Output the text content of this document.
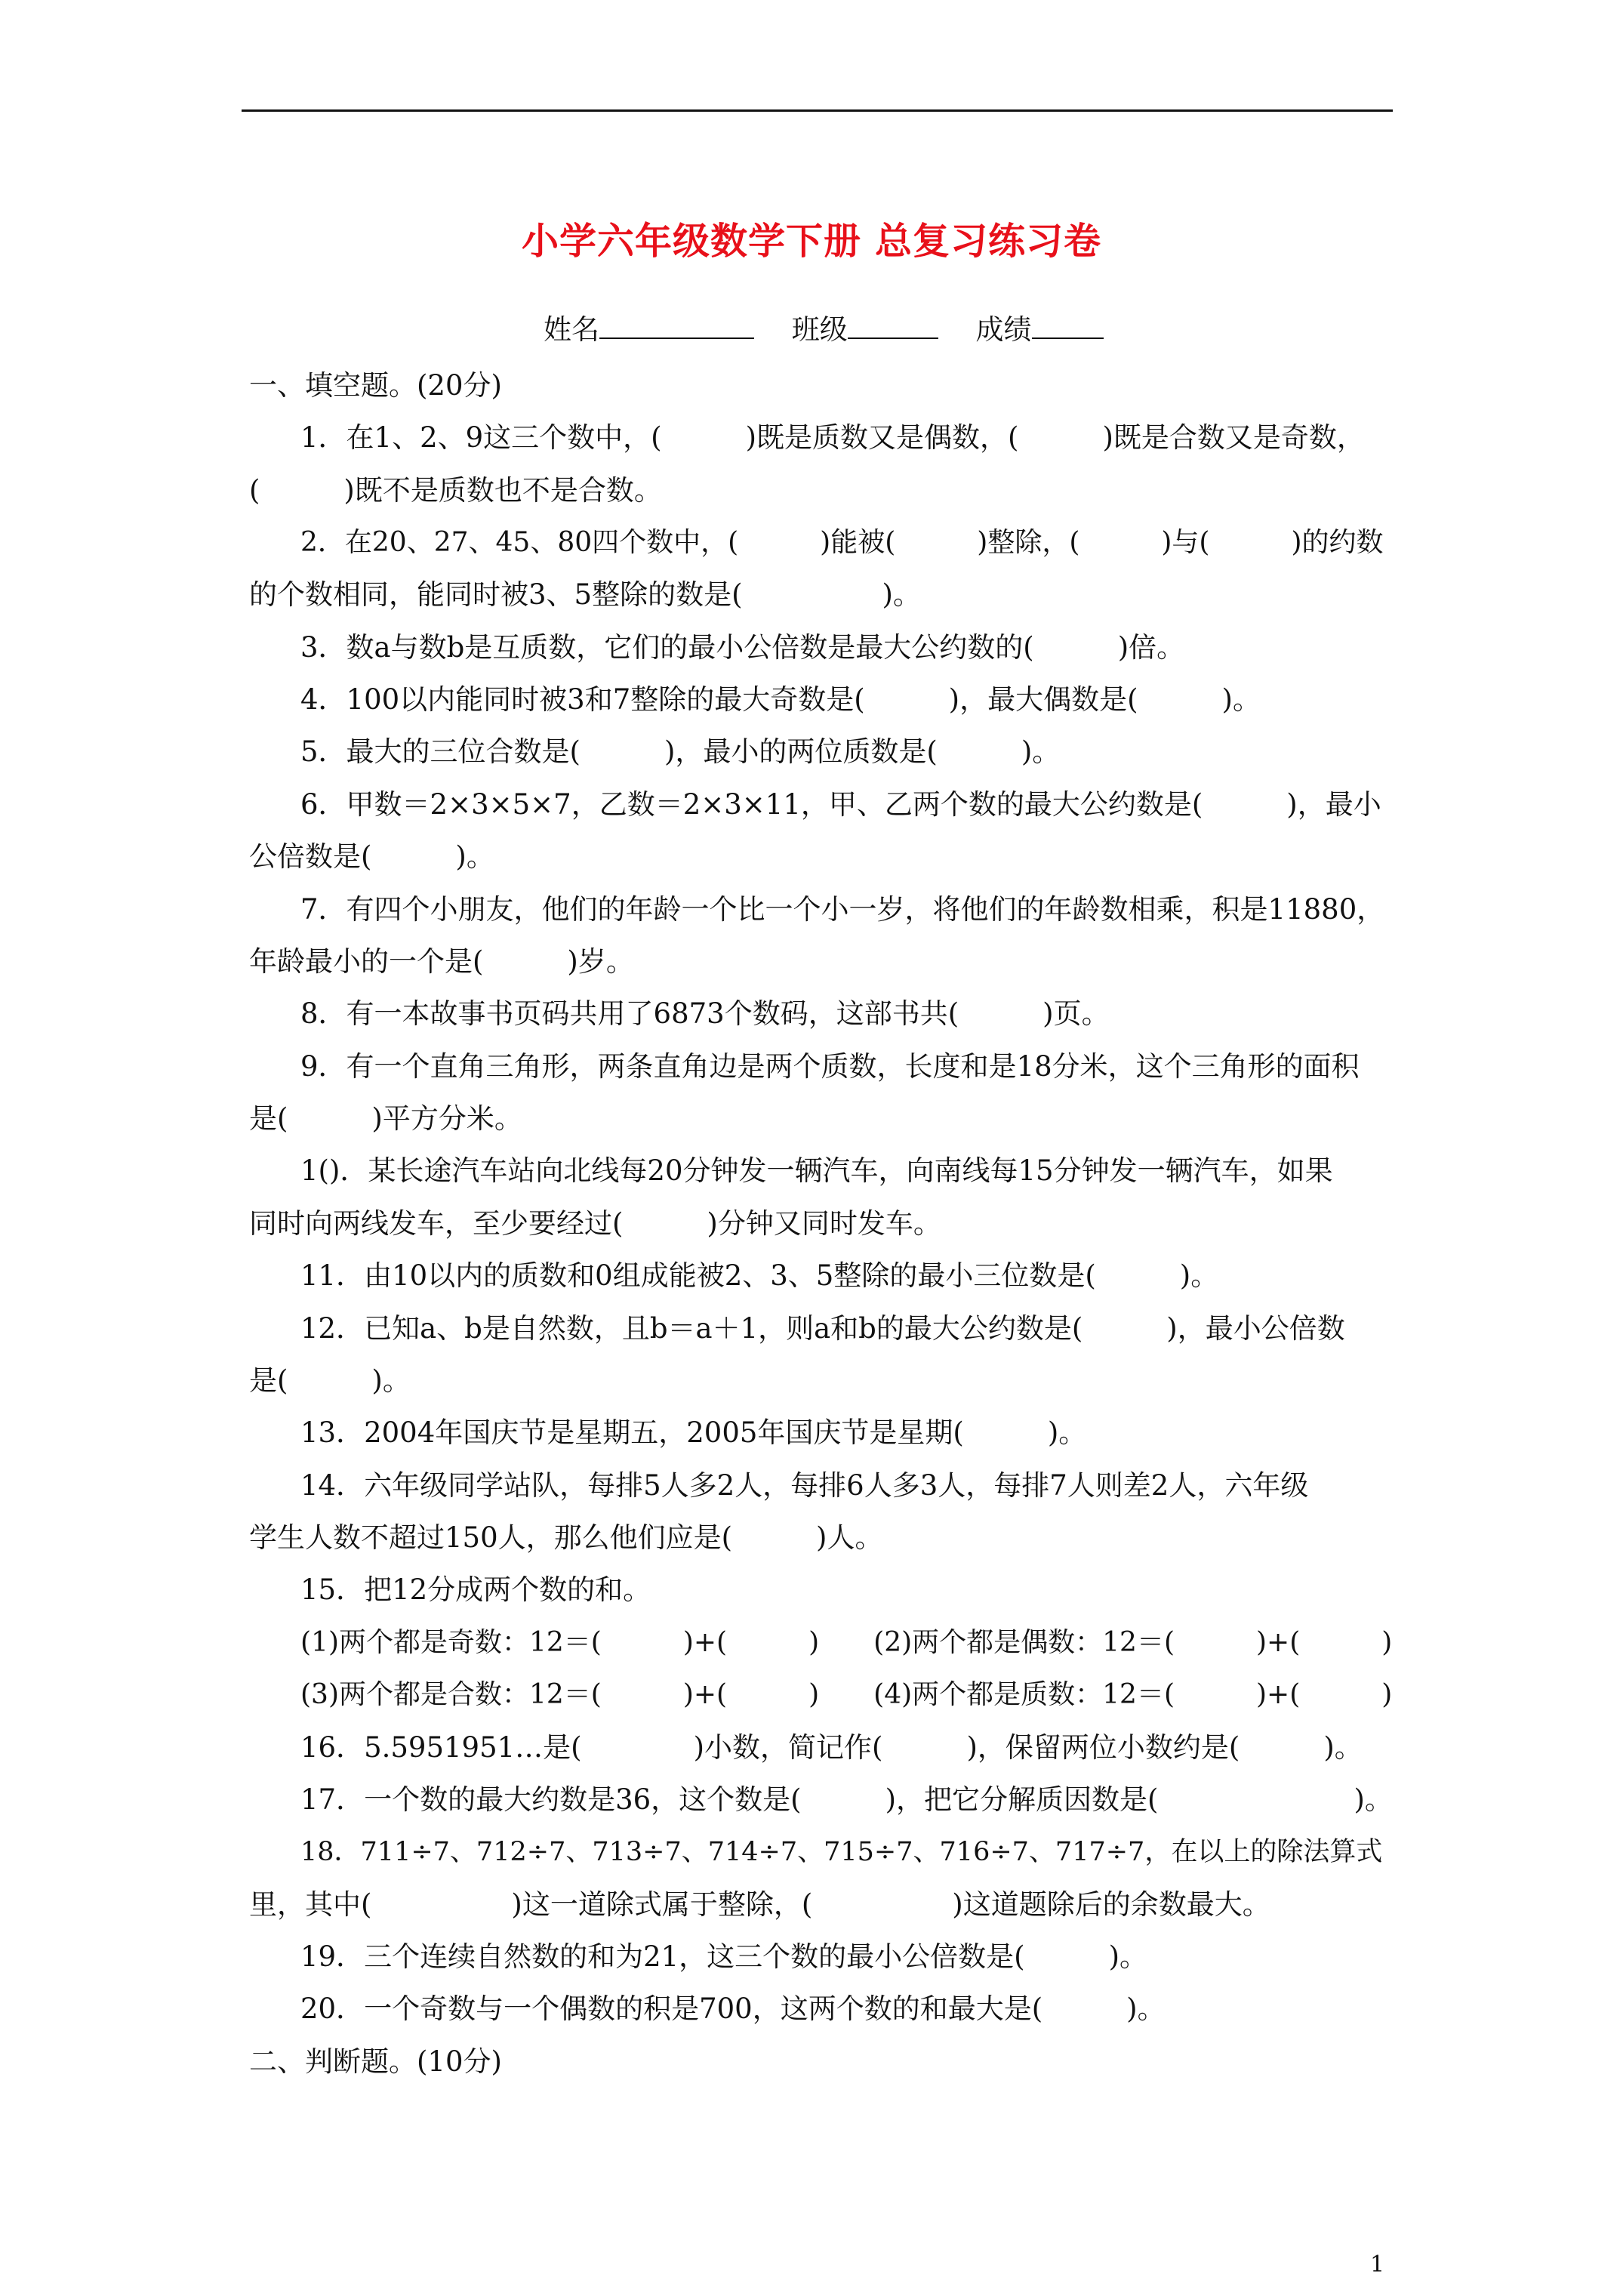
小学六年级数学下册 总复习练习卷
姓名	班级	成绩
一、填空题。(20分)
1．在1、2、9这三个数中，(　　　)既是质数又是偶数，(　　　)既是合数又是奇数，
(　　　)既不是质数也不是合数。
2．在20、27、45、80四个数中，(　　　)能被(　　　)整除，(　　　)与(　　　)的约数
的个数相同，能同时被3、5整除的数是(　　　　　)。
3．数a与数b是互质数，它们的最小公倍数是最大公约数的(　　　)倍。
4．100以内能同时被3和7整除的最大奇数是(　　　)，最大偶数是(　　　)。
5．最大的三位合数是(　　　)，最小的两位质数是(　　　)。
6．甲数＝2×3×5×7，乙数＝2×3×11，甲、乙两个数的最大公约数是(　　　)，最小
公倍数是(　　　)。
7．有四个小朋友，他们的年龄一个比一个小一岁，将他们的年龄数相乘，积是11880，
年龄最小的一个是(　　　)岁。
8．有一本故事书页码共用了6873个数码，这部书共(　　　)页。
9．有一个直角三角形，两条直角边是两个质数，长度和是18分米，这个三角形的面积
是(　　　)平方分米。
1()．某长途汽车站向北线每20分钟发一辆汽车，向南线每15分钟发一辆汽车，如果
同时向两线发车，至少要经过(　　　)分钟又同时发车。
11．由10以内的质数和0组成能被2、3、5整除的最小三位数是(　　　)。
12．已知a、b是自然数，且b＝a＋1，则a和b的最大公约数是(　　　)，最小公倍数
是(　　　)。
13．2004年国庆节是星期五，2005年国庆节是星期(　　　)。
14．六年级同学站队，每排5人多2人，每排6人多3人，每排7人则差2人，六年级
学生人数不超过150人，那么他们应是(　　　)人。
15．把12分成两个数的和。
(1)两个都是奇数：12＝(　　　)+(　　　)　　(2)两个都是偶数：12＝(　　　)+(　　　)
(3)两个都是合数：12＝(　　　)+(　　　)　　(4)两个都是质数：12＝(　　　)+(　　　)
16．5.5951951…是(　　　　)小数，简记作(　　　)，保留两位小数约是(　　　)。
17．一个数的最大约数是36，这个数是(　　　)，把它分解质因数是(　　　　　　　)。
18．711÷7、712÷7、713÷7、714÷7、715÷7、716÷7、717÷7，在以上的除法算式
里，其中(　　　　　)这一道除式属于整除，(　　　　　)这道题除后的余数最大。
19．三个连续自然数的和为21，这三个数的最小公倍数是(　　　)。
20．一个奇数与一个偶数的积是700，这两个数的和最大是(　　　)。
二、判断题。(10分)
1
